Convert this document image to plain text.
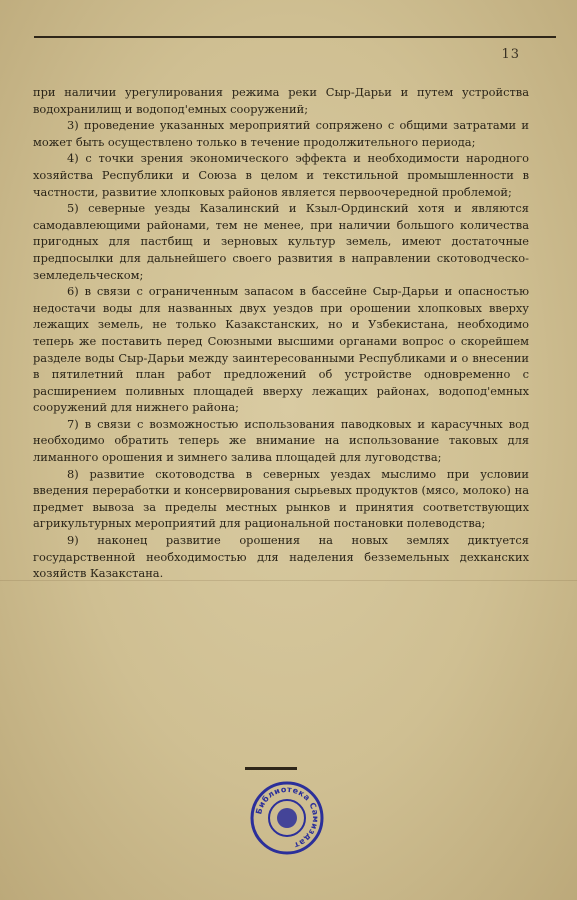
13

при наличии урегулирования режима реки Сыр-Дарьи и путем устройства водохранилищ и водопод'емных сооружений;

3) проведение указанных мероприятий сопряжено с общими затратами и может быть осуществлено только в течение продолжительного периода;

4) с точки зрения экономического эффекта и необходимости народного хозяйства Республики и Союза в целом и текстильной промышленности в частности, развитие хлопковых районов является первоочередной проблемой;

5) северные уезды Казалинский и Кзыл-Ординский хотя и являются самодавлеющими районами, тем не менее, при наличии большого количества пригодных для пастбищ и зерновых культур земель, имеют достаточные предпосылки для дальнейшего своего развития в направлении скотоводческо-земледельческом;

6) в связи с ограниченным запасом в бассейне Сыр-Дарьи и опасностью недостачи воды для названных двух уездов при орошении хлопковых вверху лежащих земель, не только Казакстанских, но и Узбекистана, необходимо теперь же поставить перед Союзными высшими органами вопрос о скорейшем разделе воды Сыр-Дарьи между заинтересованными Республиками и о внесении в пятилетний план работ предложений об устройстве одновременно с расширением поливных площадей вверху лежащих районах, водопод'емных сооружений для нижнего района;

7) в связи с возможностью использования паводковых и карасучных вод необходимо обратить теперь же внимание на использование таковых для лиманного орошения и зимнего залива площадей для луговодства;

8) развитие скотоводства в северных уездах мыслимо при условии введения переработки и консервирования сырьевых продуктов (мясо, молоко) на предмет вывоза за пределы местных рынков и принятия соответствующих агрикультурных мероприятий для рациональной постановки полеводства;

9) наконец развитие орошения на новых землях диктуется государственной необходимостью для наделения безземельных дехканских хозяйств Казакстана.

Библиотека Самиздат
